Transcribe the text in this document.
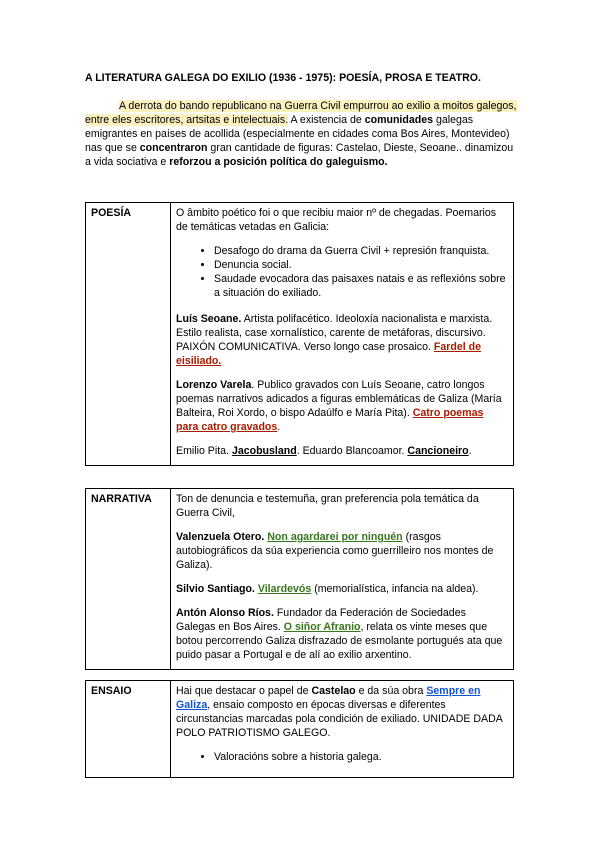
A LITERATURA GALEGA DO EXILIO (1936 - 1975): POESÍA, PROSA E TEATRO.

A derrota do bando republicano na Guerra Civil empurrou ao exilio a moitos galegos, entre eles escritores, artsitas e intelectuais. A existencia de comunidades galegas emigrantes en países de acollida (especialmente en cidades coma Bos Aires, Montevideo) nas que se concentraron gran cantidade de figuras: Castelao, Dieste, Seoane.. dinamizou a vida sociativa e reforzou a posición política do galeguismo.

POESÍA	O âmbito poético foi o que recibiu maior nº de chegadas. Poemarios de temáticas vetadas en Galicia:

• Desafogo do drama da Guerra Civil + represión franquista.
• Denuncia social.
• Saudade evocadora das paisaxes natais e as reflexións sobre a situación do exiliado.

Luís Seoane. Artista polifacético. Ideoloxía nacionalista e marxista. Estilo realista, case xornalístico, carente de metáforas, discursivo. PAIXÓN COMUNICATIVA. Verso longo case prosaico. Fardel de eisiliado.

Lorenzo Varela. Publico gravados con Luís Seoane, catro longos poemas narrativos adicados a figuras emblemáticas de Galiza (María Balteira, Roi Xordo, o bispo Adaúlfo e María Pita). Catro poemas para catro gravados.

Emilio Pita. Jacobusland. Eduardo Blancoamor. Cancioneiro.

NARRATIVA	Ton de denuncia e testemuña, gran preferencia pola temática da Guerra Civil,

Valenzuela Otero. Non agardarei por ninguén (rasgos autobiográficos da súa experiencia como guerrilleiro nos montes de Galiza).

Silvio Santiago. Vilardevós (memorialística, infancia na aldea).

Antón Alonso Ríos. Fundador da Federación de Sociedades Galegas en Bos Aires. O siñor Afranio, relata os vinte meses que botou percorrendo Galiza disfrazado de esmolante portugués ata que puido pasar a Portugal e de alí ao exilio arxentino.

ENSAIO	Hai que destacar o papel de Castelao e da súa obra Sempre en Galiza, ensaio composto en épocas diversas e diferentes circunstancias marcadas pola condición de exiliado. UNIDADE DADA POLO PATRIOTISMO GALEGO.

• Valoracións sobre a historia galega.
